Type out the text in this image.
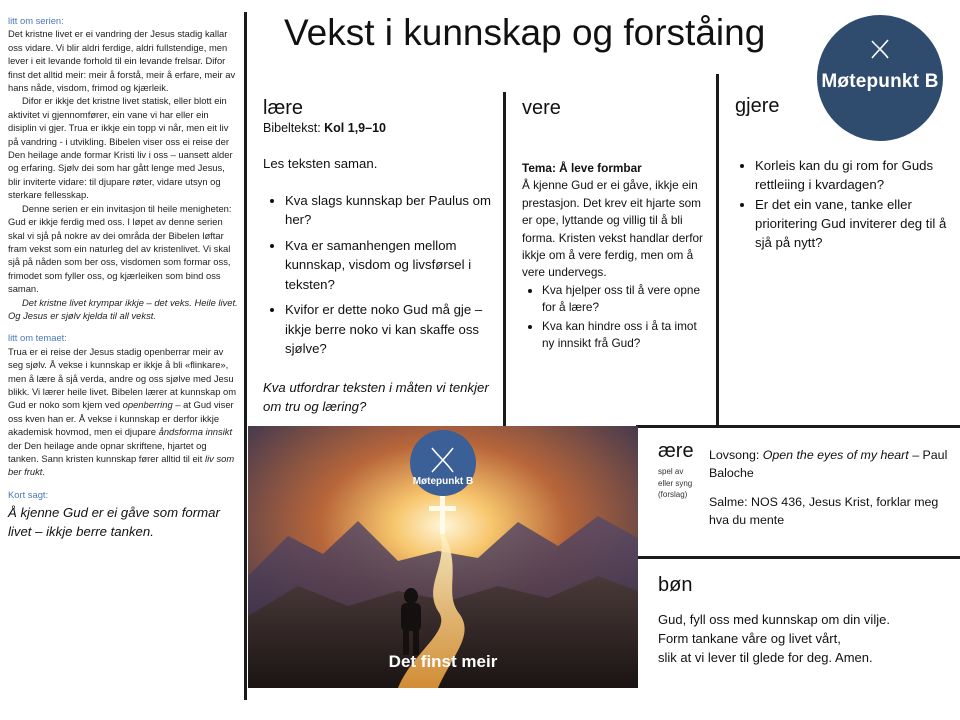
litt om serien:

Det kristne livet er ei vandring der Jesus stadig kallar oss vidare. Vi blir aldri ferdige, aldri fullstendige, men lever i eit levande forhold til ein levande frelsar. Difor finst det alltid meir: meir å forstå, meir å erfare, meir av hans nåde, visdom, frimod og kjærleik.

Difor er ikkje det kristne livet statisk, eller blott ein aktivitet vi gjennomfører, ein vane vi har eller ein disiplin vi gjer. Trua er ikkje ein topp vi når, men eit liv på vandring - i utvikling. Bibelen viser oss ei reise der Den heilage ande formar Kristi liv i oss – uansett alder og erfaring. Sjølv dei som har gått lenge med Jesus, blir inviterte vidare: til djupare røter, vidare utsyn og sterkare fellesskap.

Denne serien er ein invitasjon til heile menigheten: Gud er ikkje ferdig med oss. I løpet av denne serien skal vi sjå på nokre av dei områda der Bibelen løftar fram vekst som ein naturleg del av kristenlivet. Vi skal sjå på nåden som ber oss, visdomen som formar oss, frimodet som fyller oss, og kjærleiken som bind oss saman.

Det kristne livet krympar ikkje – det veks. Heile livet. Og Jesus er sjølv kjelda til all vekst.

litt om temaet:

Trua er ei reise der Jesus stadig openberrar meir av seg sjølv. Å vekse i kunnskap er ikkje å bli «flinkare», men å lære å sjå verda, andre og oss sjølve med Jesu blikk. Vi lærer heile livet. Bibelen lærer at kunnskap om Gud er noko som kjem ved openberring – at Gud viser oss kven han er. Å vekse i kunnskap er derfor ikkje akademisk hovmod, men ei djupare åndsforma innsikt der Den heilage ande opnar skriftene, hjartet og tanken. Sann kristen kunnskap fører alltid til eit liv som ber frukt.

Kort sagt:

Å kjenne Gud er ei gåve som formar livet – ikkje berre tanken.

Vekst i kunnskap og forståing
Møtepunkt B
lære
Bibeltekst: Kol 1,9–10
Les teksten saman.
• Kva slags kunnskap ber Paulus om her?
• Kva er samanhengen mellom kunnskap, visdom og livsførsel i teksten?
• Kvifor er dette noko Gud må gje – ikkje berre noko vi kan skaffe oss sjølve?
Kva utfordrar teksten i måten vi tenkjer om tru og læring?
vere
Tema: Å leve formbar
Å kjenne Gud er ei gåve, ikkje ein prestasjon. Det krev eit hjarte som er ope, lyttande og villig til å bli forma. Kristen vekst handlar derfor ikkje om å vere ferdig, men om å vere undervegs.
• Kva hjelper oss til å vere opne for å lære?
• Kva kan hindre oss i å ta imot ny innsikt frå Gud?
gjere
• Korleis kan du gi rom for Guds rettleiing i kvardagen?
• Er det ein vane, tanke eller prioritering Gud inviterer deg til å sjå på nytt?
Møtepunkt B
Det finst meir
ære
spel av
eller syng
(forslag)
Lovsong: Open the eyes of my heart – Paul Baloche
Salme: NOS 436, Jesus Krist, forklar meg hva du mente
bøn
Gud, fyll oss med kunnskap om din vilje.
Form tankane våre og livet vårt,
slik at vi lever til glede for deg. Amen.
